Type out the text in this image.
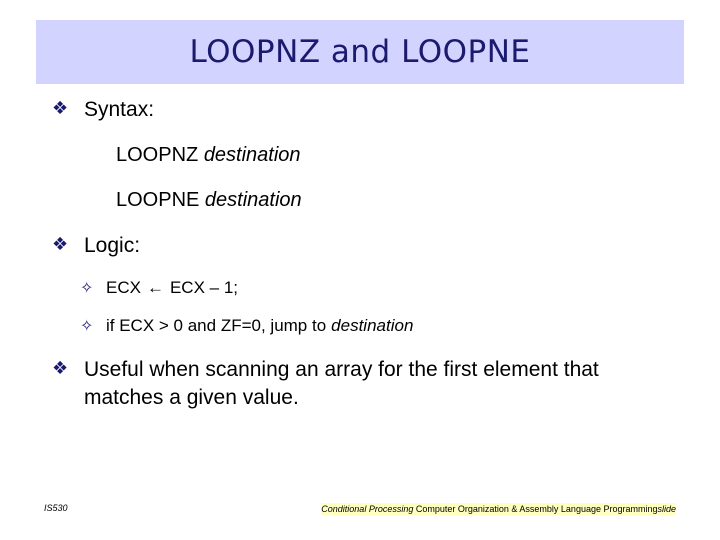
LOOPNZ and LOOPNE
❖ Syntax:
LOOPNZ destination
LOOPNE destination
❖ Logic:
✧ ECX ← ECX – 1;
✧ if ECX > 0 and ZF=0, jump to destination
❖ Useful when scanning an array for the first element that
matches a given value.
IS530	Conditional Processing Computer Organization & Assembly Language Programmingslide
